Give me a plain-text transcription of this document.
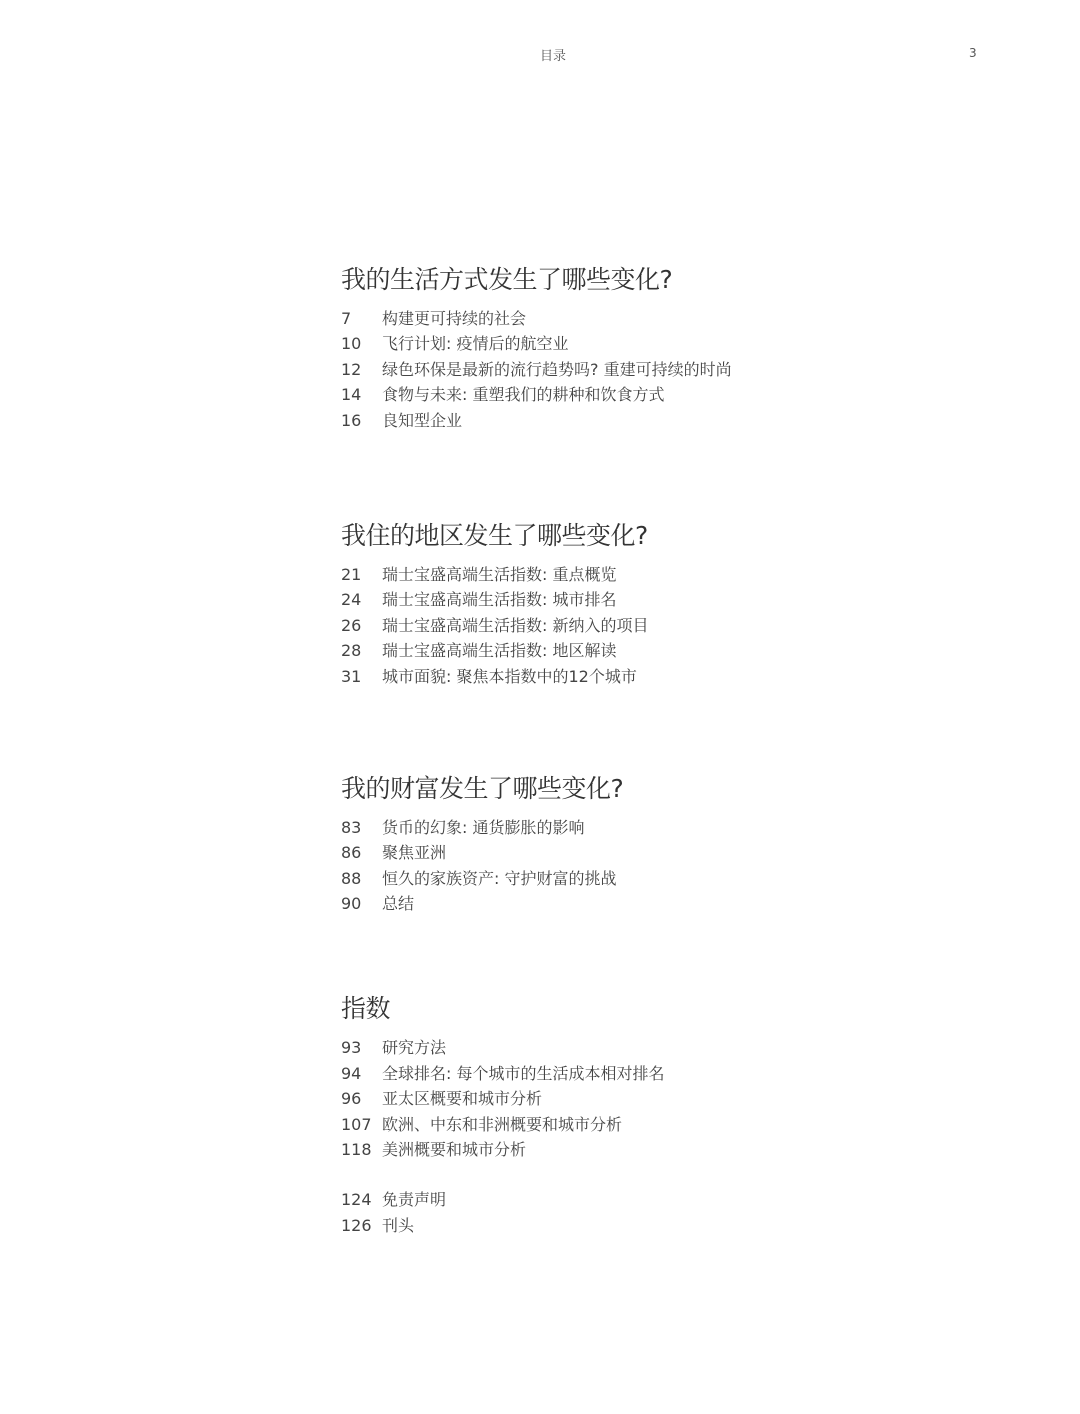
目录	3
我的生活方式发生了哪些变化?
7	构建更可持续的社会
10	飞行计划: 疫情后的航空业
12	绿色环保是最新的流行趋势吗? 重建可持续的时尚
14	食物与未来: 重塑我们的耕种和饮食方式
16	良知型企业
我住的地区发生了哪些变化?
21	瑞士宝盛高端生活指数: 重点概览
24	瑞士宝盛高端生活指数: 城市排名
26	瑞士宝盛高端生活指数: 新纳入的项目
28	瑞士宝盛高端生活指数: 地区解读
31	城市面貌: 聚焦本指数中的12个城市
我的财富发生了哪些变化?
83	货币的幻象: 通货膨胀的影响
86	聚焦亚洲
88	恒久的家族资产: 守护财富的挑战
90	总结
指数
93	研究方法
94	全球排名: 每个城市的生活成本相对排名
96	亚太区概要和城市分析
107 欧洲、中东和非洲概要和城市分析
118 美洲概要和城市分析
124 免责声明
126 刊头
